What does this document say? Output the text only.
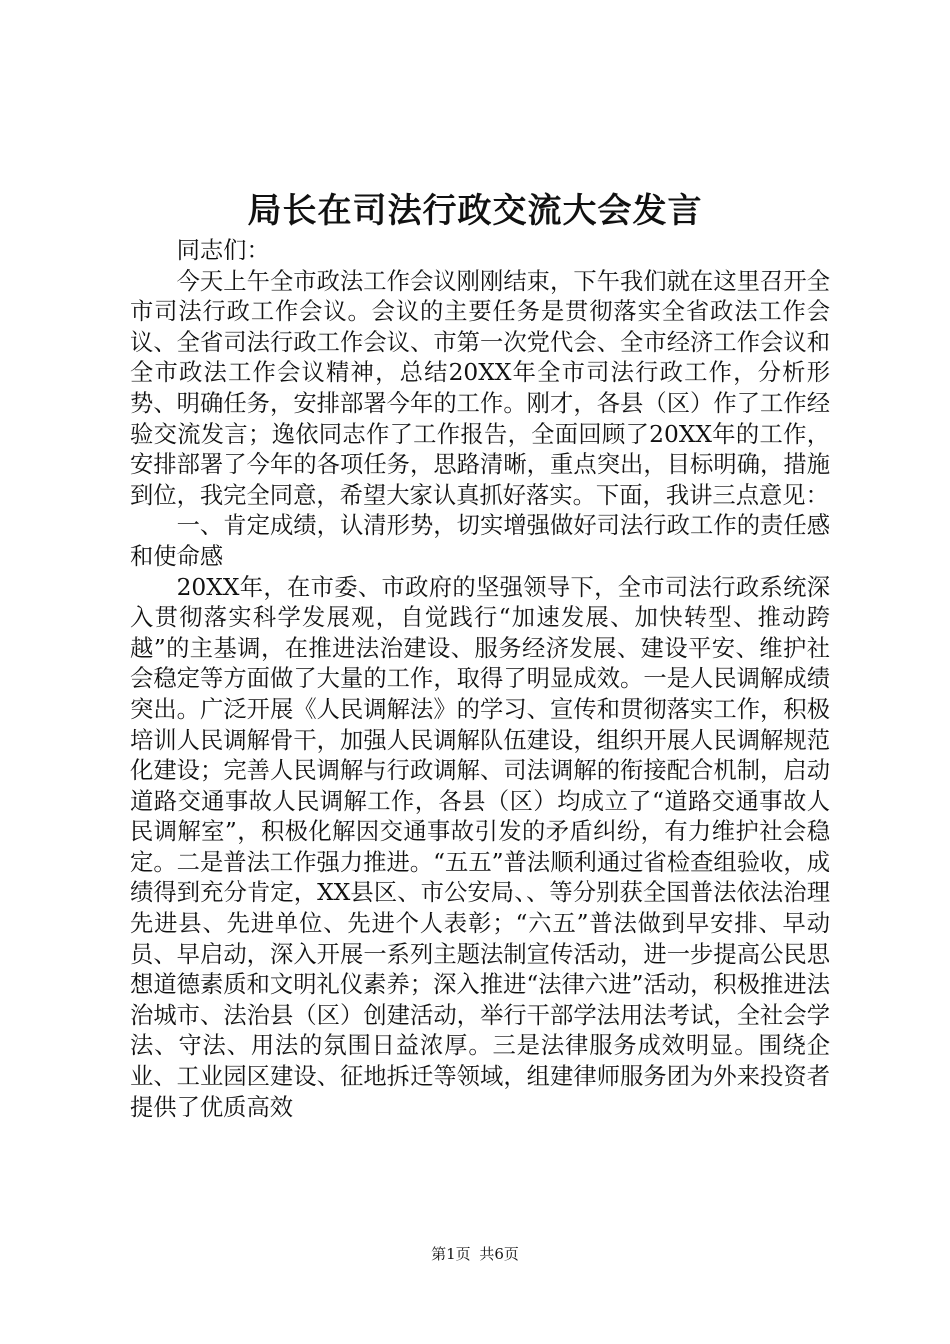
局长在司法行政交流大会发言

同志们：

今天上午全市政法工作会议刚刚结束，下午我们就在这里召开全市司法行政工作会议。会议的主要任务是贯彻落实全省政法工作会议、全省司法行政工作会议、市第一次党代会、全市经济工作会议和全市政法工作会议精神，总结20XX年全市司法行政工作，分析形势、明确任务，安排部署今年的工作。刚才，各县（区）作了工作经验交流发言；逸依同志作了工作报告，全面回顾了20XX年的工作，安排部署了今年的各项任务，思路清晰，重点突出，目标明确，措施到位，我完全同意，希望大家认真抓好落实。下面，我讲三点意见：

一、肯定成绩，认清形势，切实增强做好司法行政工作的责任感和使命感

20XX年，在市委、市政府的坚强领导下，全市司法行政系统深入贯彻落实科学发展观，自觉践行“加速发展、加快转型、推动跨越”的主基调，在推进法治建设、服务经济发展、建设平安、维护社会稳定等方面做了大量的工作，取得了明显成效。一是人民调解成绩突出。广泛开展《人民调解法》的学习、宣传和贯彻落实工作，积极培训人民调解骨干，加强人民调解队伍建设，组织开展人民调解规范化建设；完善人民调解与行政调解、司法调解的衔接配合机制，启动道路交通事故人民调解工作，各县（区）均成立了“道路交通事故人民调解室”，积极化解因交通事故引发的矛盾纠纷，有力维护社会稳定。二是普法工作强力推进。“五五”普法顺利通过省检查组验收，成绩得到充分肯定，XX县区、市公安局、、等分别获全国普法依法治理先进县、先进单位、先进个人表彰；“六五”普法做到早安排、早动员、早启动，深入开展一系列主题法制宣传活动，进一步提高公民思想道德素质和文明礼仪素养；深入推进“法律六进”活动，积极推进法治城市、法治县（区）创建活动，举行干部学法用法考试，全社会学法、守法、用法的氛围日益浓厚。三是法律服务成效明显。围绕企业、工业园区建设、征地拆迁等领域，组建律师服务团为外来投资者提供了优质高效

第1页 共6页
